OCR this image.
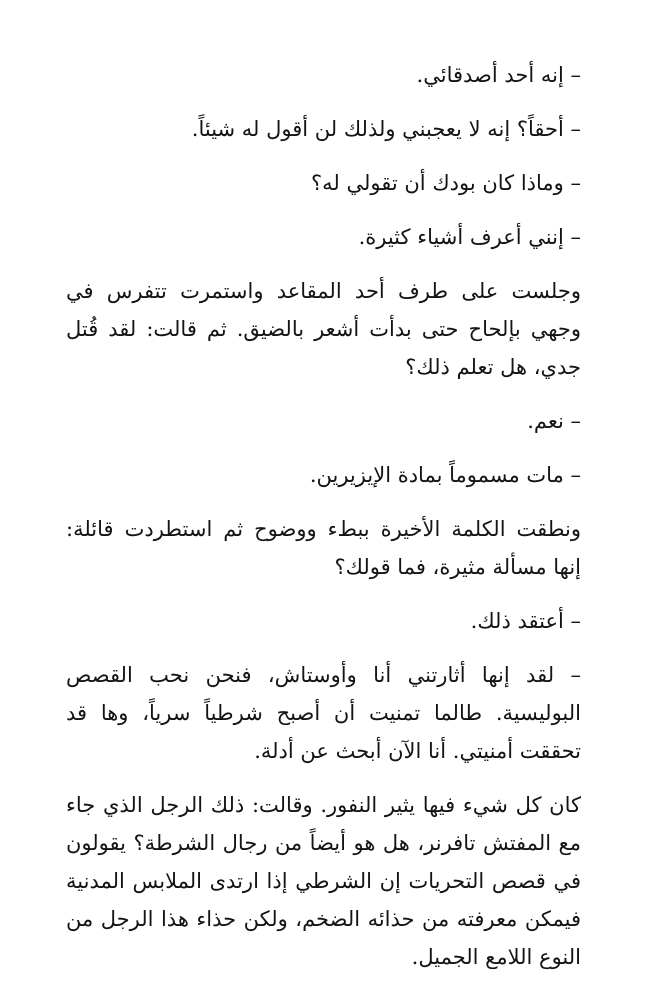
– إنه أحد أصدقائي.

– أحقاً؟ إنه لا يعجبني ولذلك لن أقول له شيئاً.

– وماذا كان بودك أن تقولي له؟

– إنني أعرف أشياء كثيرة.

وجلست على طرف أحد المقاعد واستمرت تتفرس في وجهي بإلحاح حتى بدأت أشعر بالضيق. ثم قالت: لقد قُتل جدي، هل تعلم ذلك؟

– نعم.

– مات مسموماً بمادة الإيزيرين.

ونطقت الكلمة الأخيرة ببطء ووضوح ثم استطردت قائلة: إنها مسألة مثيرة، فما قولك؟

– أعتقد ذلك.

– لقد إنها أثارتني أنا وأوستاش، فنحن نحب القصص البوليسية. طالما تمنيت أن أصبح شرطياً سرياً، وها قد تحققت أمنيتي. أنا الآن أبحث عن أدلة.

كان كل شيء فيها يثير النفور. وقالت: ذلك الرجل الذي جاء مع المفتش تافرنر، هل هو أيضاً من رجال الشرطة؟ يقولون في قصص التحريات إن الشرطي إذا ارتدى الملابس المدنية فيمكن معرفته من حذائه الضخم، ولكن حذاء هذا الرجل من النوع اللامع الجميل.
